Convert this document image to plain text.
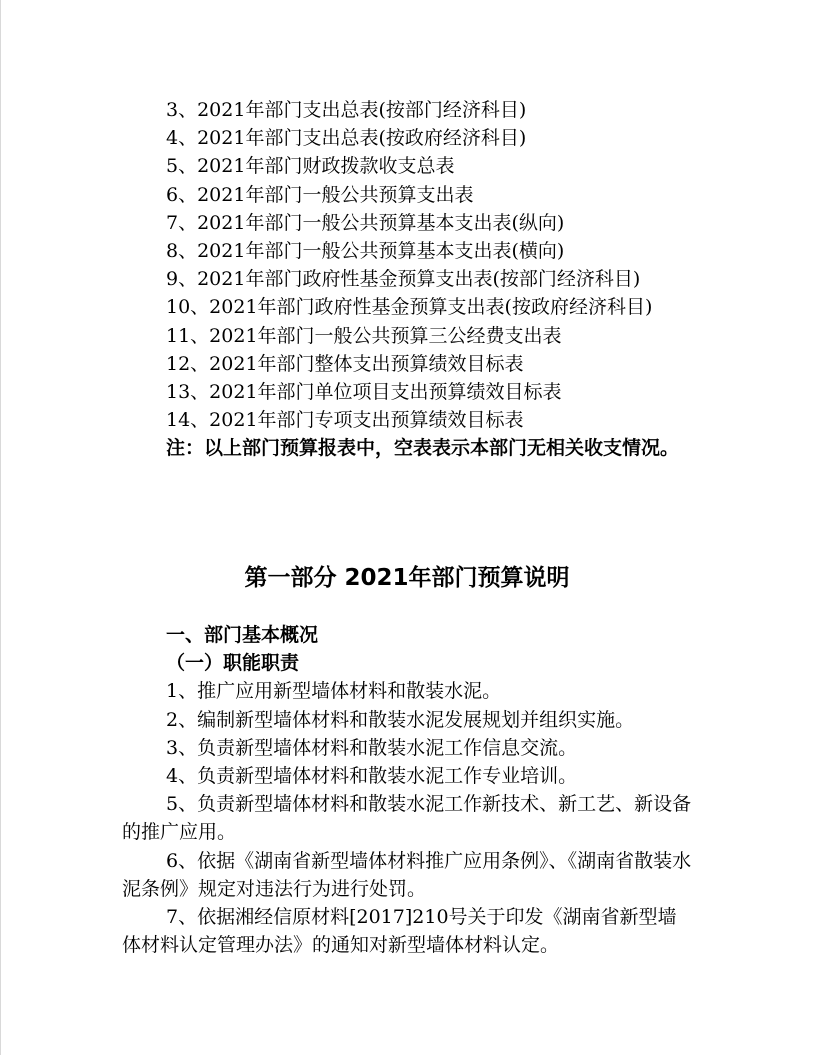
3、2021年部门支出总表(按部门经济科目)
4、2021年部门支出总表(按政府经济科目)
5、2021年部门财政拨款收支总表
6、2021年部门一般公共预算支出表
7、2021年部门一般公共预算基本支出表(纵向)
8、2021年部门一般公共预算基本支出表(横向)
9、2021年部门政府性基金预算支出表(按部门经济科目)
10、2021年部门政府性基金预算支出表(按政府经济科目)
11、2021年部门一般公共预算三公经费支出表
12、2021年部门整体支出预算绩效目标表
13、2021年部门单位项目支出预算绩效目标表
14、2021年部门专项支出预算绩效目标表
注：以上部门预算报表中，空表表示本部门无相关收支情况。
第一部分 2021年部门预算说明
一、部门基本概况
（一）职能职责
1、推广应用新型墙体材料和散装水泥。
2、编制新型墙体材料和散装水泥发展规划并组织实施。
3、负责新型墙体材料和散装水泥工作信息交流。
4、负责新型墙体材料和散装水泥工作专业培训。
5、负责新型墙体材料和散装水泥工作新技术、新工艺、新设备的推广应用。
6、依据《湖南省新型墙体材料推广应用条例》、《湖南省散装水泥条例》规定对违法行为进行处罚。
7、依据湘经信原材料[2017]210号关于印发《湖南省新型墙体材料认定管理办法》的通知对新型墙体材料认定。
